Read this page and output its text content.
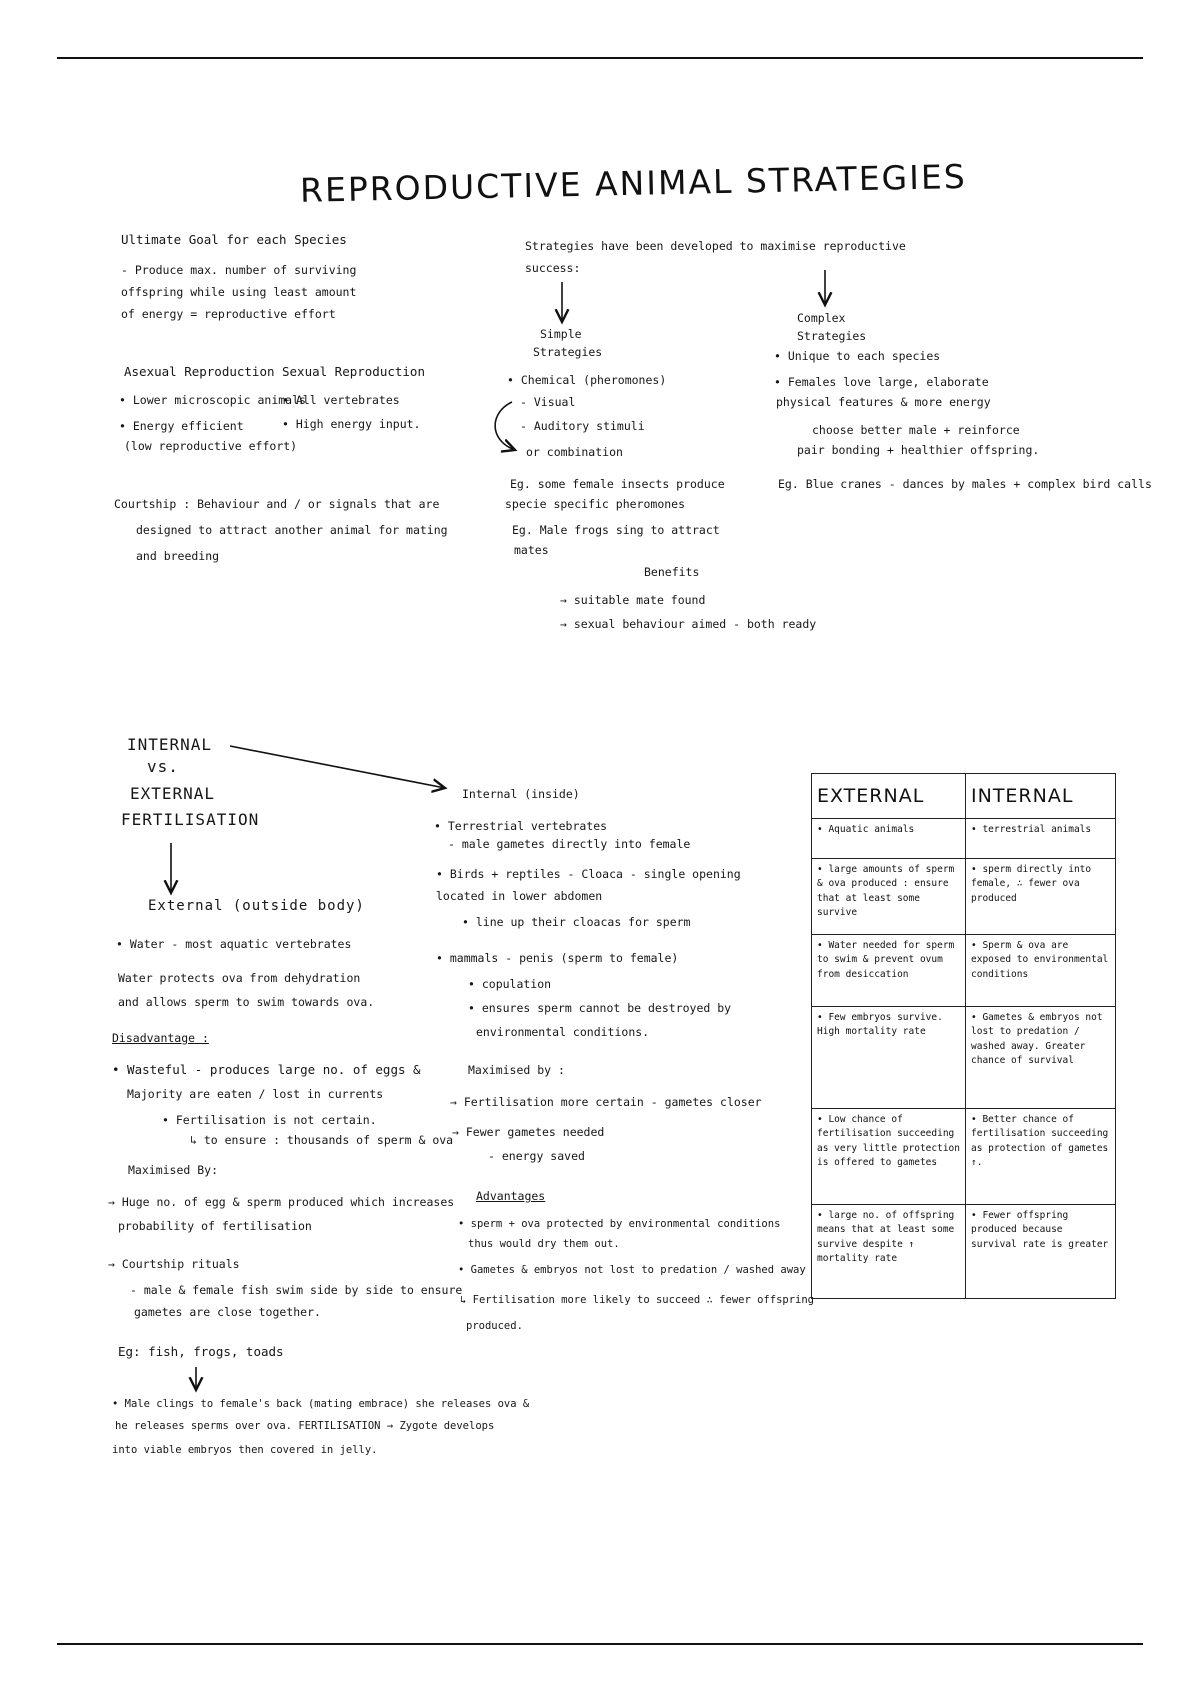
REPRODUCTIVE ANIMAL STRATEGIES
Ultimate Goal for each Species
- Produce max. number of surviving
offspring while using least amount
of energy = reproductive effort
Asexual Reproduction
• Lower microscopic animals
• Energy efficient
(low reproductive effort)
Sexual Reproduction
• All vertebrates
• High energy input.
Courtship : Behaviour and / or signals that are
designed to attract another animal for mating
and breeding
Strategies have been developed to maximise reproductive
success:
Simple
Strategies
• Chemical (pheromones)
- Visual
- Auditory stimuli
or combination
Eg. some female insects produce
specie specific pheromones
Eg. Male frogs sing to attract
mates
Complex
Strategies
• Unique to each species
• Females love large, elaborate
physical features & more energy
choose better male + reinforce
pair bonding + healthier offspring.
Eg. Blue cranes - dances by males + complex bird calls
Benefits
→ suitable mate found
→ sexual behaviour aimed - both ready
INTERNAL
vs.
EXTERNAL
FERTILISATION
External (outside body)
• Water - most aquatic vertebrates
Water protects ova from dehydration
and allows sperm to swim towards ova.
Disadvantage :
• Wasteful - produces large no. of eggs &
Majority are eaten / lost in currents
• Fertilisation is not certain.
↳ to ensure : thousands of sperm & ova
Maximised By:
→ Huge no. of egg & sperm produced which increases
probability of fertilisation
→ Courtship rituals
- male & female fish swim side by side to ensure
gametes are close together.
Eg: fish, frogs, toads
• Male clings to female's back (mating embrace) she releases ova &
he releases sperms over ova. FERTILISATION → Zygote develops
into viable embryos then covered in jelly.
Internal (inside)
• Terrestrial vertebrates
- male gametes directly into female
• Birds + reptiles - Cloaca - single opening
located in lower abdomen
• line up their cloacas for sperm
• mammals - penis (sperm to female)
• copulation
• ensures sperm cannot be destroyed by
environmental conditions.
Maximised by :
→ Fertilisation more certain - gametes closer
→ Fewer gametes needed
- energy saved
Advantages
• sperm + ova protected by environmental conditions
thus would dry them out.
• Gametes & embryos not lost to predation / washed away
↳ Fertilisation more likely to succeed ∴ fewer offspring
produced.
EXTERNAL	INTERNAL
• Aquatic animals	• terrestrial animals
• large amounts of sperm & ova produced : ensure that at least some survive	• sperm directly into female, ∴ fewer ova produced
• Water needed for sperm to swim & prevent ovum from desiccation	• Sperm & ova are exposed to environmental conditions
• Few embryos survive. High mortality rate	• Gametes & embryos not lost to predation / washed away. Greater chance of survival
• Low chance of fertilisation succeeding as very little protection is offered to gametes	• Better chance of fertilisation succeeding as protection of gametes ↑.
• large no. of offspring means that at least some survive despite ↑ mortality rate	• Fewer offspring produced because survival rate is greater
